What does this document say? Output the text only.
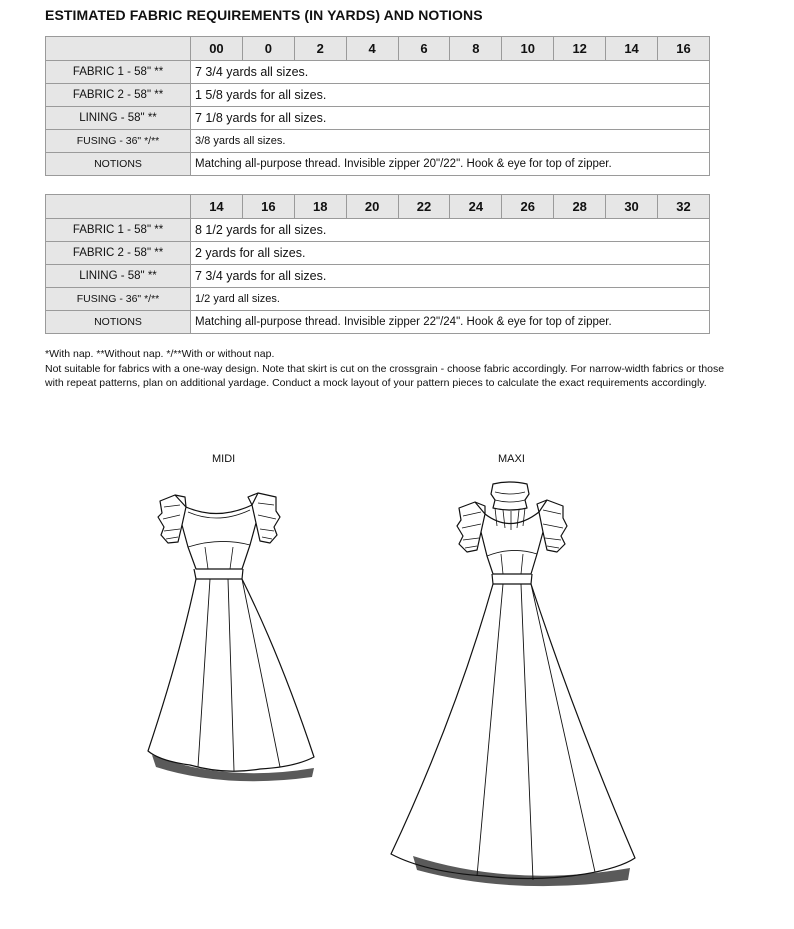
ESTIMATED FABRIC REQUIREMENTS (IN YARDS) AND NOTIONS
	00	0	2	4	6	8	10	12	14	16
FABRIC 1 - 58" **	7 3/4 yards all sizes.									
FABRIC 2 - 58" **	1 5/8 yards for all sizes.									
LINING - 58" **	7 1/8 yards for all sizes.									
FUSING - 36" */**	3/8 yards all sizes.									
NOTIONS	Matching all-purpose thread. Invisible zipper 20"/22". Hook & eye for top of zipper.									
	14	16	18	20	22	24	26	28	30	32
FABRIC 1 - 58" **	8 1/2 yards for all sizes.									
FABRIC 2 - 58" **	2 yards for all sizes.									
LINING - 58" **	7 3/4 yards for all sizes.									
FUSING - 36" */**	1/2 yard all sizes.									
NOTIONS	Matching all-purpose thread. Invisible zipper 22"/24". Hook & eye for top of zipper.									

*With nap. **Without nap. */**With or without nap.

Not suitable for fabrics with a one-way design. Note that skirt is cut on the crossgrain - choose fabric accordingly. For narrow-width fabrics or those with repeat patterns, plan on additional yardage. Conduct a mock layout of your pattern pieces to calculate the exact requirements accordingly.

MIDI	MAXI
